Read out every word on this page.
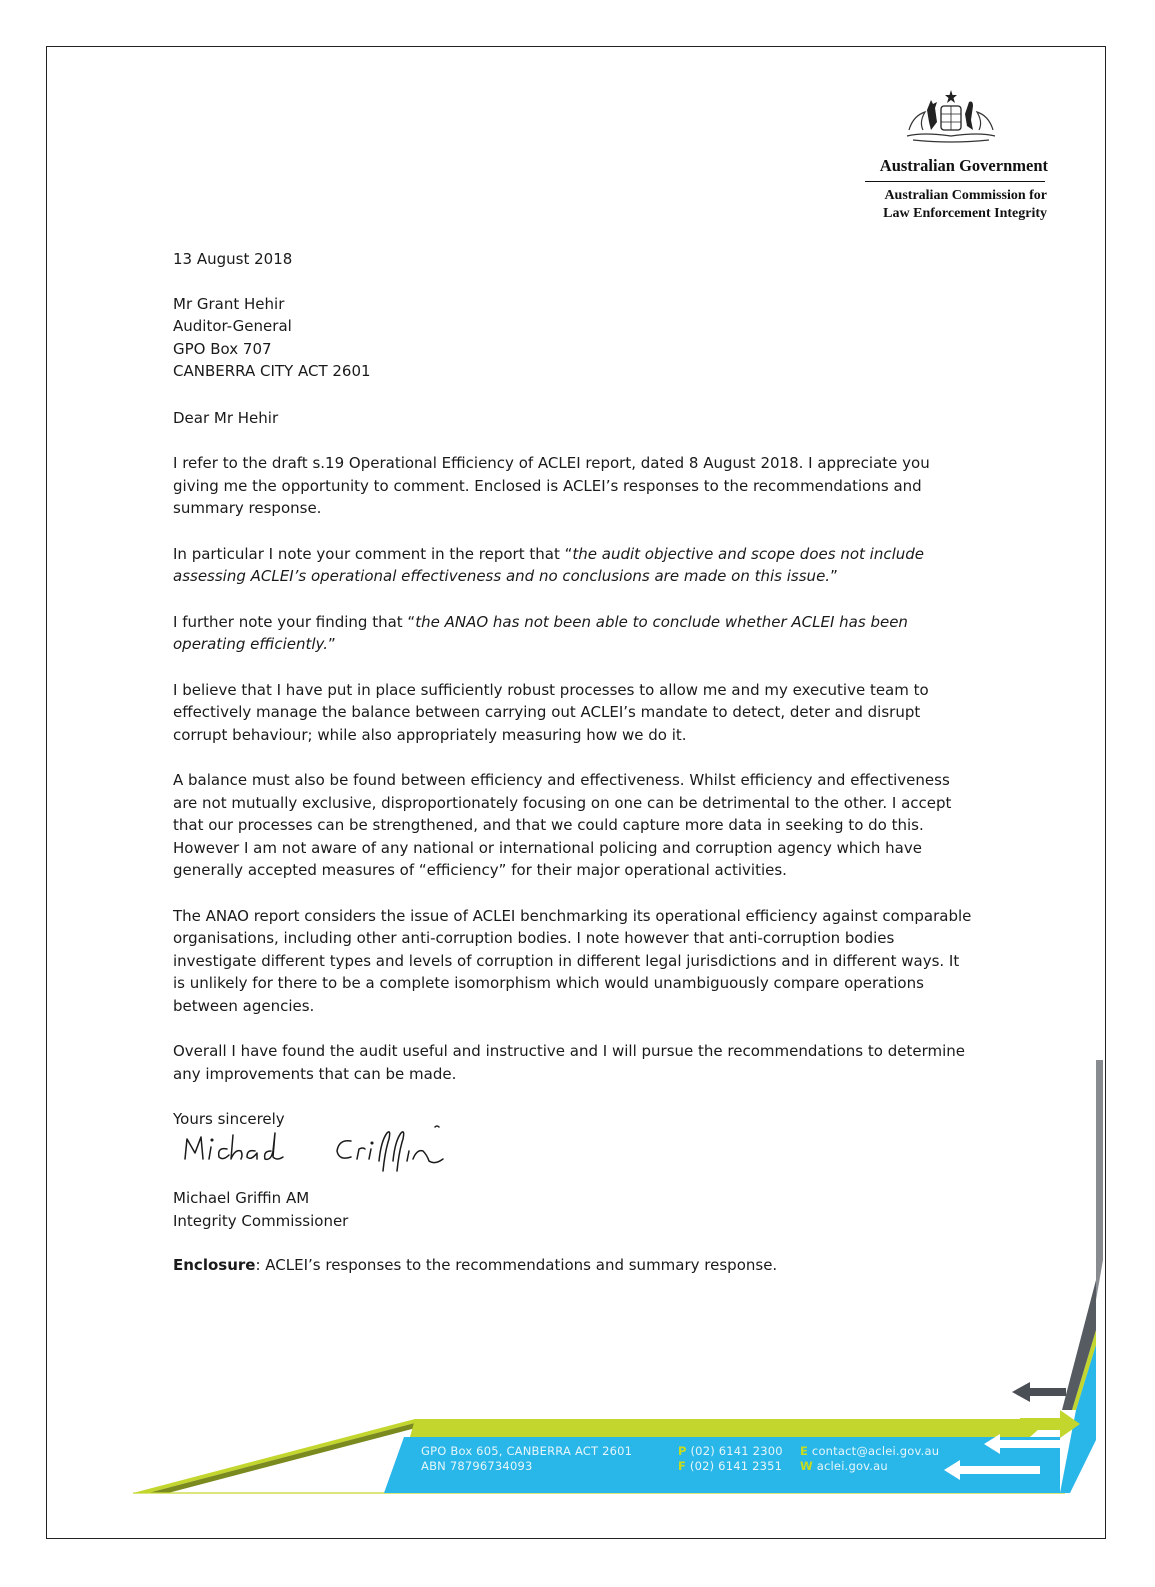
Australian Government
Australian Commission for
Law Enforcement Integrity

13 August 2018

Mr Grant Hehir
Auditor-General
GPO Box 707
CANBERRA CITY ACT 2601

Dear Mr Hehir

I refer to the draft s.19 Operational Efficiency of ACLEI report, dated 8 August 2018. I appreciate you giving me the opportunity to comment. Enclosed is ACLEI’s responses to the recommendations and summary response.

In particular I note your comment in the report that “the audit objective and scope does not include assessing ACLEI’s operational effectiveness and no conclusions are made on this issue.”

I further note your finding that “the ANAO has not been able to conclude whether ACLEI has been operating efficiently.”

I believe that I have put in place sufficiently robust processes to allow me and my executive team to effectively manage the balance between carrying out ACLEI’s mandate to detect, deter and disrupt corrupt behaviour; while also appropriately measuring how we do it.

A balance must also be found between efficiency and effectiveness. Whilst efficiency and effectiveness are not mutually exclusive, disproportionately focusing on one can be detrimental to the other. I accept that our processes can be strengthened, and that we could capture more data in seeking to do this. However I am not aware of any national or international policing and corruption agency which have generally accepted measures of “efficiency” for their major operational activities.

The ANAO report considers the issue of ACLEI benchmarking its operational efficiency against comparable organisations, including other anti-corruption bodies. I note however that anti-corruption bodies investigate different types and levels of corruption in different legal jurisdictions and in different ways. It is unlikely for there to be a complete isomorphism which would unambiguously compare operations between agencies.

Overall I have found the audit useful and instructive and I will pursue the recommendations to determine any improvements that can be made.

Yours sincerely
Michael Griffin AM
Integrity Commissioner
Enclosure: ACLEI’s responses to the recommendations and summary response.
GPO Box 605, CANBERRA ACT 2601
ABN 78796734093
P (02) 6141 2300
F (02) 6141 2351
E contact@aclei.gov.au
W aclei.gov.au
